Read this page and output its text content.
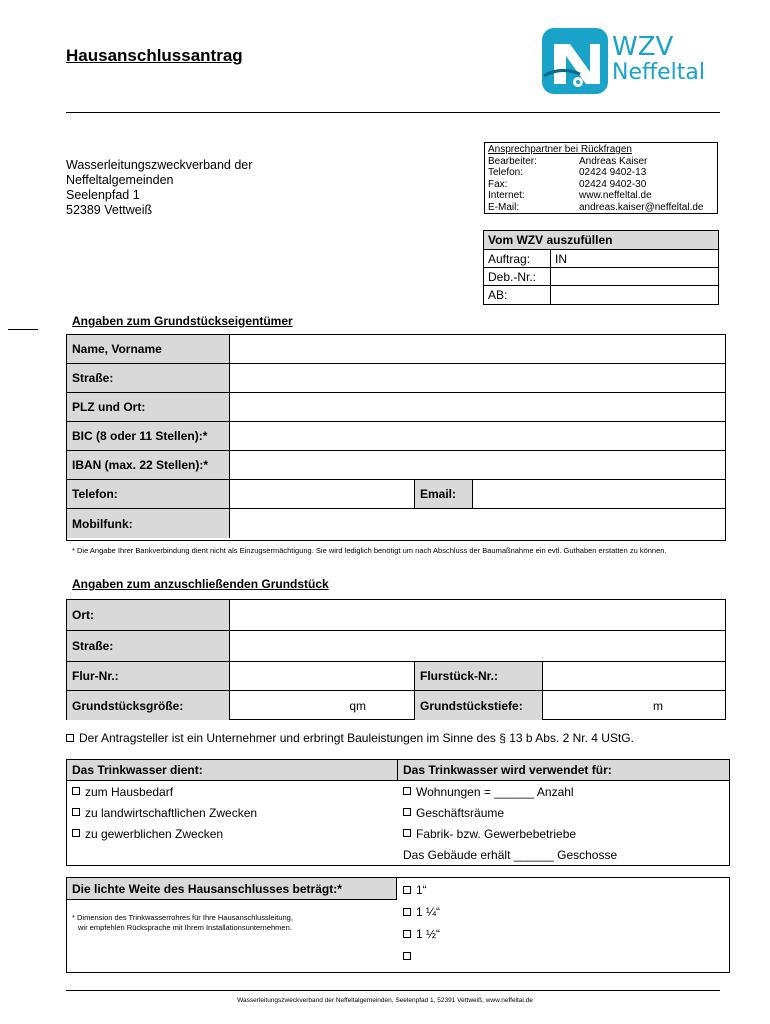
Hausanschlussantrag	WZV
Neffeltal
Wasserleitungszweckverband der
Neffeltalgemeinden
Seelenpfad 1
52389 Vettweiß
Ansprechpartner bei Rückfragen
Bearbeiter:	Andreas Kaiser
Telefon:	02424 9402-13
Fax:	02424 9402-30
Internet:	www.neffeltal.de
E-Mail:	andreas.kaiser@neffeltal.de
Vom WZV auszufüllen
Auftrag:	IN
Deb.-Nr.:
AB:
Angaben zum Grundstückseigentümer
Name, Vorname
Straße:
PLZ und Ort:
BIC (8 oder 11 Stellen):*
IBAN (max. 22 Stellen):*
Telefon:	Email:
Mobilfunk:
* Die Angabe Ihrer Bankverbindung dient nicht als Einzugsermächtigung. Sie wird lediglich benötigt um nach Abschluss der Baumaßnahme ein evtl. Guthaben erstatten zu können.
Angaben zum anzuschließenden Grundstück
Ort:
Straße:
Flur-Nr.:	Flurstück-Nr.:
Grundstücksgröße:	qm	Grundstückstiefe:	m
Der Antragsteller ist ein Unternehmer und erbringt Bauleistungen im Sinne des § 13 b Abs. 2 Nr. 4 UStG.
Das Trinkwasser dient:	Das Trinkwasser wird verwendet für:
zum Hausbedarf	Wohnungen = ______ Anzahl
zu landwirtschaftlichen Zwecken	Geschäftsräume
zu gewerblichen Zwecken	Fabrik- bzw. Gewerbebetriebe
Das Gebäude erhält ______ Geschosse
Die lichte Weite des Hausanschlusses beträgt:*
* Dimension des Trinkwasserrohres für Ihre Hausanschlussleitung,
wir empfehlen Rücksprache mit Ihrem Installationsunternehmen.
1“
1 ¼“
1 ½“
Wasserleitungszweckverband der Neffeltalgemeinden, Seelenpfad 1, 52391 Vettweiß, www.neffeltal.de
